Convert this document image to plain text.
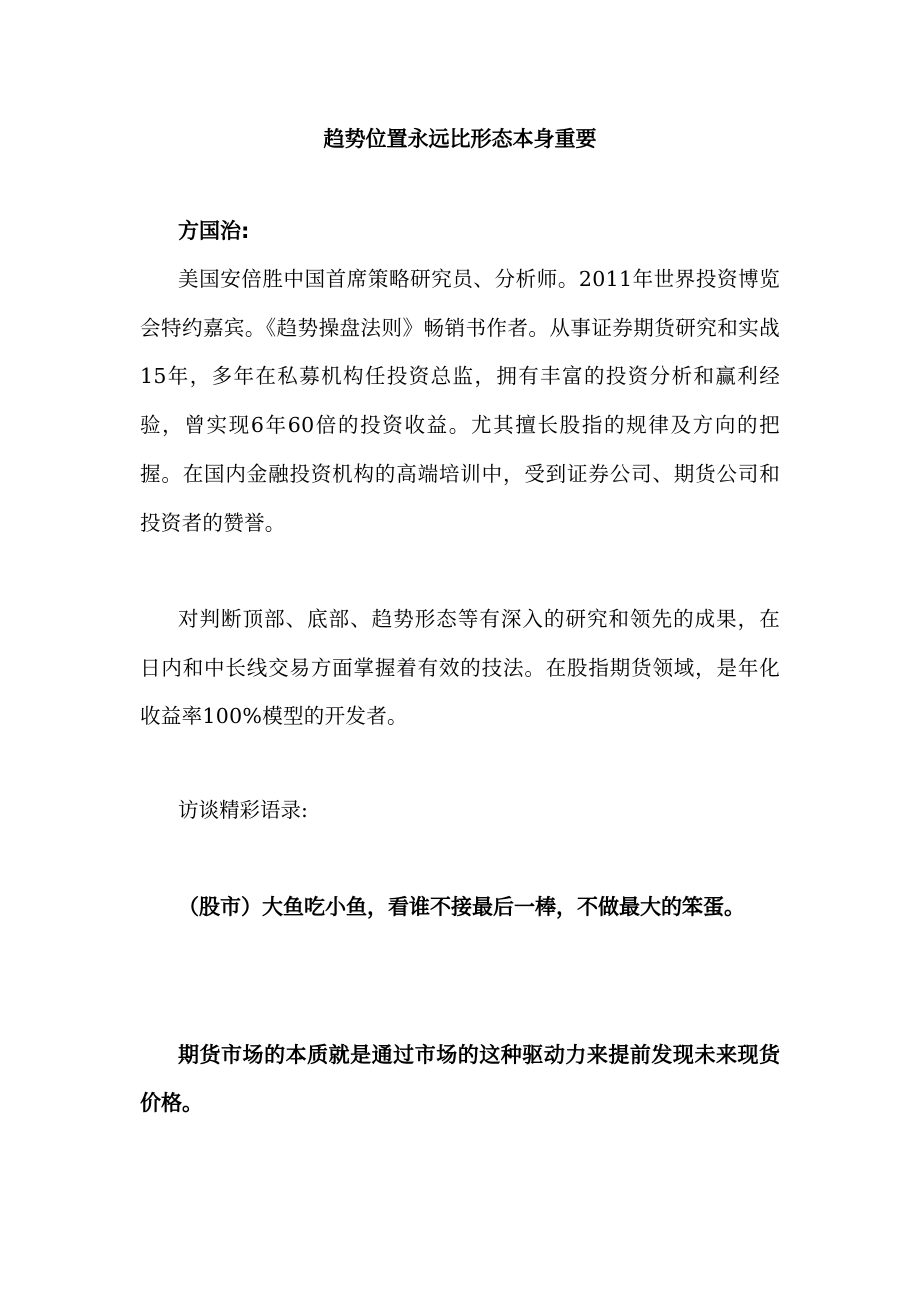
趋势位置永远比形态本身重要
方国治:
美国安倍胜中国首席策略研究员、分析师。2011年世界投资博览会特约嘉宾。《趋势操盘法则》畅销书作者。从事证券期货研究和实战15年，多年在私募机构任投资总监，拥有丰富的投资分析和赢利经验，曾实现6年60倍的投资收益。尤其擅长股指的规律及方向的把握。在国内金融投资机构的高端培训中，受到证券公司、期货公司和投资者的赞誉。
对判断顶部、底部、趋势形态等有深入的研究和领先的成果，在日内和中长线交易方面掌握着有效的技法。在股指期货领域，是年化收益率100%模型的开发者。
访谈精彩语录:
（股市）大鱼吃小鱼，看谁不接最后一棒，不做最大的笨蛋。
期货市场的本质就是通过市场的这种驱动力来提前发现未来现货价格。
